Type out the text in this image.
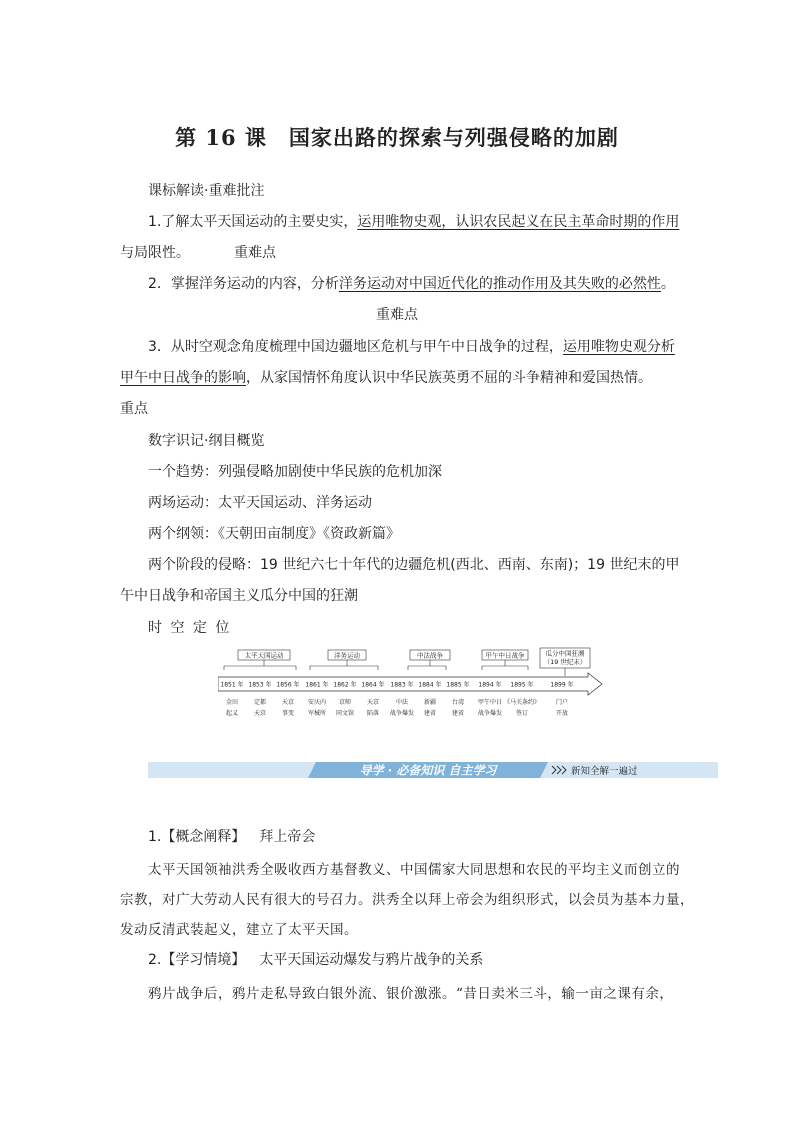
第 16 课　国家出路的探索与列强侵略的加剧
课标解读·重难批注
1.了解太平天国运动的主要史实，运用唯物史观，认识农民起义在民主革命时期的作用
与局限性。	重难点
2．掌握洋务运动的内容，分析洋务运动对中国近代化的推动作用及其失败的必然性。
重难点
3．从时空观念角度梳理中国边疆地区危机与甲午中日战争的过程，运用唯物史观分析
甲午中日战争的影响，从家国情怀角度认识中华民族英勇不屈的斗争精神和爱国热情。
重点
数字识记·纲目概览
一个趋势：列强侵略加剧使中华民族的危机加深
两场运动：太平天国运动、洋务运动
两个纲领：《天朝田亩制度》《资政新篇》
两个阶段的侵略：19 世纪六七十年代的边疆危机(西北、西南、东南)；19 世纪末的甲
午中日战争和帝国主义瓜分中国的狂潮
时 空 定 位
太平天国运动	洋务运动	中法战争	甲午中日战争	瓜分中国狂潮
（19 世纪末）
1851 年 1853 年 1856 年 1861 年 1862 年 1864 年 1883 年 1884 年 1885 年 1894 年 1895 年	1899 年
金田	定都	天京 安庆内 京师	天京	中法	新疆	台湾 甲午中日 《马关条约》	门户
起义	天京	事变 军械所 同文馆 陷落 战争爆发 建省	建省 战争爆发 签订	开放
导学 · 必备知识 自主学习	新知全解一遍过
1.【概念阐释】 拜上帝会
太平天国领袖洪秀全吸收西方基督教义、中国儒家大同思想和农民的平均主义而创立的
宗教，对广大劳动人民有很大的号召力。洪秀全以拜上帝会为组织形式，以会员为基本力量，
发动反清武装起义，建立了太平天国。
2.【学习情境】 太平天国运动爆发与鸦片战争的关系
鸦片战争后，鸦片走私导致白银外流、银价激涨。“昔日卖米三斗，输一亩之课有余，
